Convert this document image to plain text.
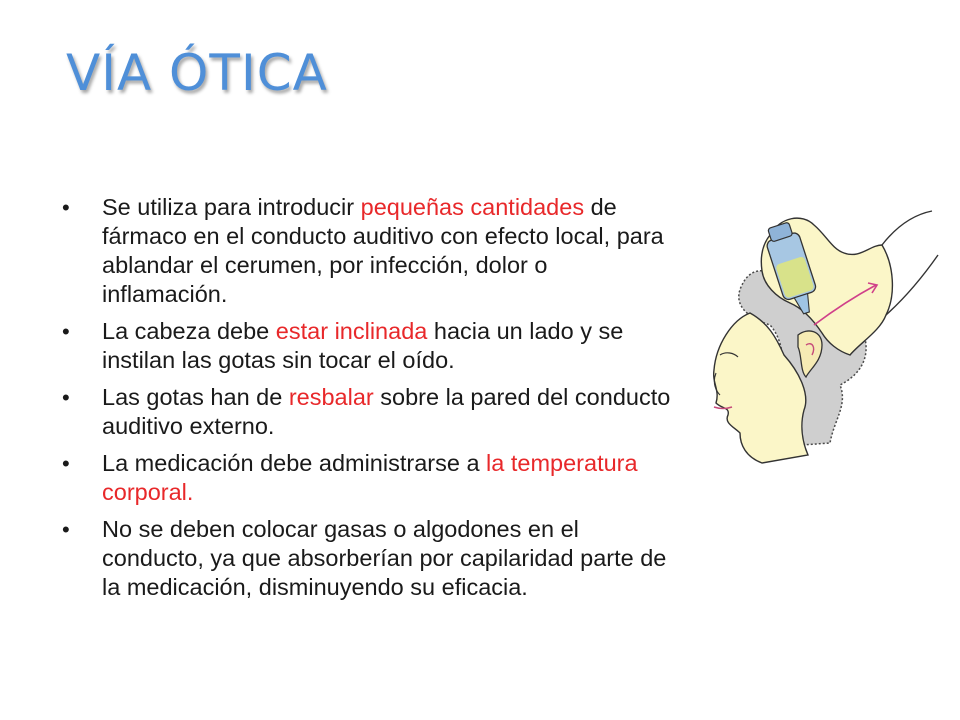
VÍA ÓTICA
• Se utiliza para introducir pequeñas cantidades de fármaco en el conducto auditivo con efecto local, para ablandar el cerumen, por infección, dolor o inflamación.
• La cabeza debe estar inclinada hacia un lado y se instilan las gotas sin tocar el oído.
• Las gotas han de resbalar sobre la pared del conducto auditivo externo.
• La medicación debe administrarse a la temperatura corporal.
• No se deben colocar gasas o algodones en el conducto, ya que absorberían por capilaridad parte de la medicación, disminuyendo su eficacia.
